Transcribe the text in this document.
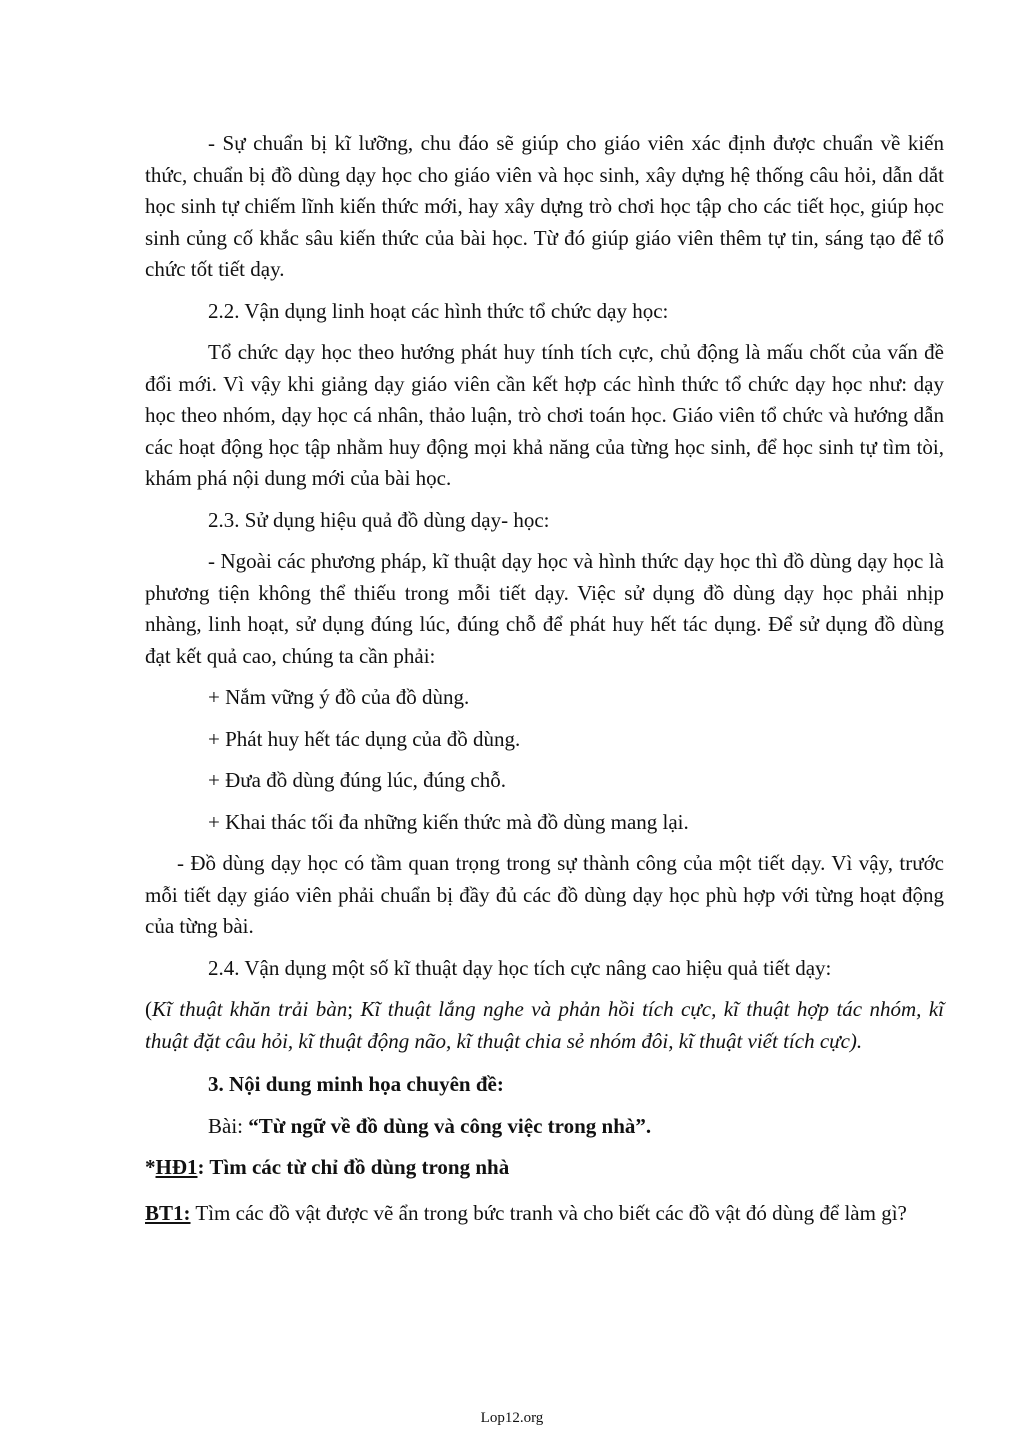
- Sự chuẩn bị kĩ lưỡng, chu đáo sẽ giúp cho giáo viên xác định được chuẩn về kiến thức, chuẩn bị đồ dùng dạy học cho giáo viên và học sinh, xây dựng hệ thống câu hỏi, dẫn dắt học sinh tự chiếm lĩnh kiến thức mới, hay xây dựng trò chơi học tập cho các tiết học, giúp học sinh củng cố khắc sâu kiến thức của bài học. Từ đó giúp giáo viên thêm tự tin, sáng tạo để tổ chức tốt tiết dạy.

2.2. Vận dụng linh hoạt các hình thức tổ chức dạy học:

Tổ chức dạy học theo hướng phát huy tính tích cực, chủ động là mấu chốt của vấn đề đổi mới. Vì vậy khi giảng dạy giáo viên cần kết hợp các hình thức tổ chức dạy học như: dạy học theo nhóm, dạy học cá nhân, thảo luận, trò chơi toán học. Giáo viên tổ chức và hướng dẫn các hoạt động học tập nhằm huy động mọi khả năng của từng học sinh, để học sinh tự tìm tòi, khám phá nội dung mới của bài học.

2.3. Sử dụng hiệu quả đồ dùng dạy- học:

- Ngoài các phương pháp, kĩ thuật dạy học và hình thức dạy học thì đồ dùng dạy học là phương tiện không thể thiếu trong mỗi tiết dạy. Việc sử dụng đồ dùng dạy học phải nhịp nhàng, linh hoạt, sử dụng đúng lúc, đúng chỗ để phát huy hết tác dụng. Để sử dụng đồ dùng đạt kết quả cao, chúng ta cần phải:

+ Nắm vững ý đồ của đồ dùng.

+ Phát huy hết tác dụng của đồ dùng.

+ Đưa đồ dùng đúng lúc, đúng chỗ.

+ Khai thác tối đa những kiến thức mà đồ dùng mang lại.

- Đồ dùng dạy học có tầm quan trọng trong sự thành công của một tiết dạy. Vì vậy, trước mỗi tiết dạy giáo viên phải chuẩn bị đầy đủ các đồ dùng dạy học phù hợp với từng hoạt động của từng bài.

2.4. Vận dụng một số kĩ thuật dạy học tích cực nâng cao hiệu quả tiết dạy:

(Kĩ thuật khăn trải bàn; Kĩ thuật lắng nghe và phản hồi tích cực, kĩ thuật hợp tác nhóm, kĩ thuật đặt câu hỏi, kĩ thuật động não, kĩ thuật chia sẻ nhóm đôi, kĩ thuật viết tích cực).

3. Nội dung minh họa chuyên đề:

Bài: “Từ ngữ về đồ dùng và công việc trong nhà”.

*HĐ1: Tìm các từ chỉ đồ dùng trong nhà

BT1: Tìm các đồ vật được vẽ ẩn trong bức tranh và cho biết các đồ vật đó dùng để làm gì?

Lop12.org
